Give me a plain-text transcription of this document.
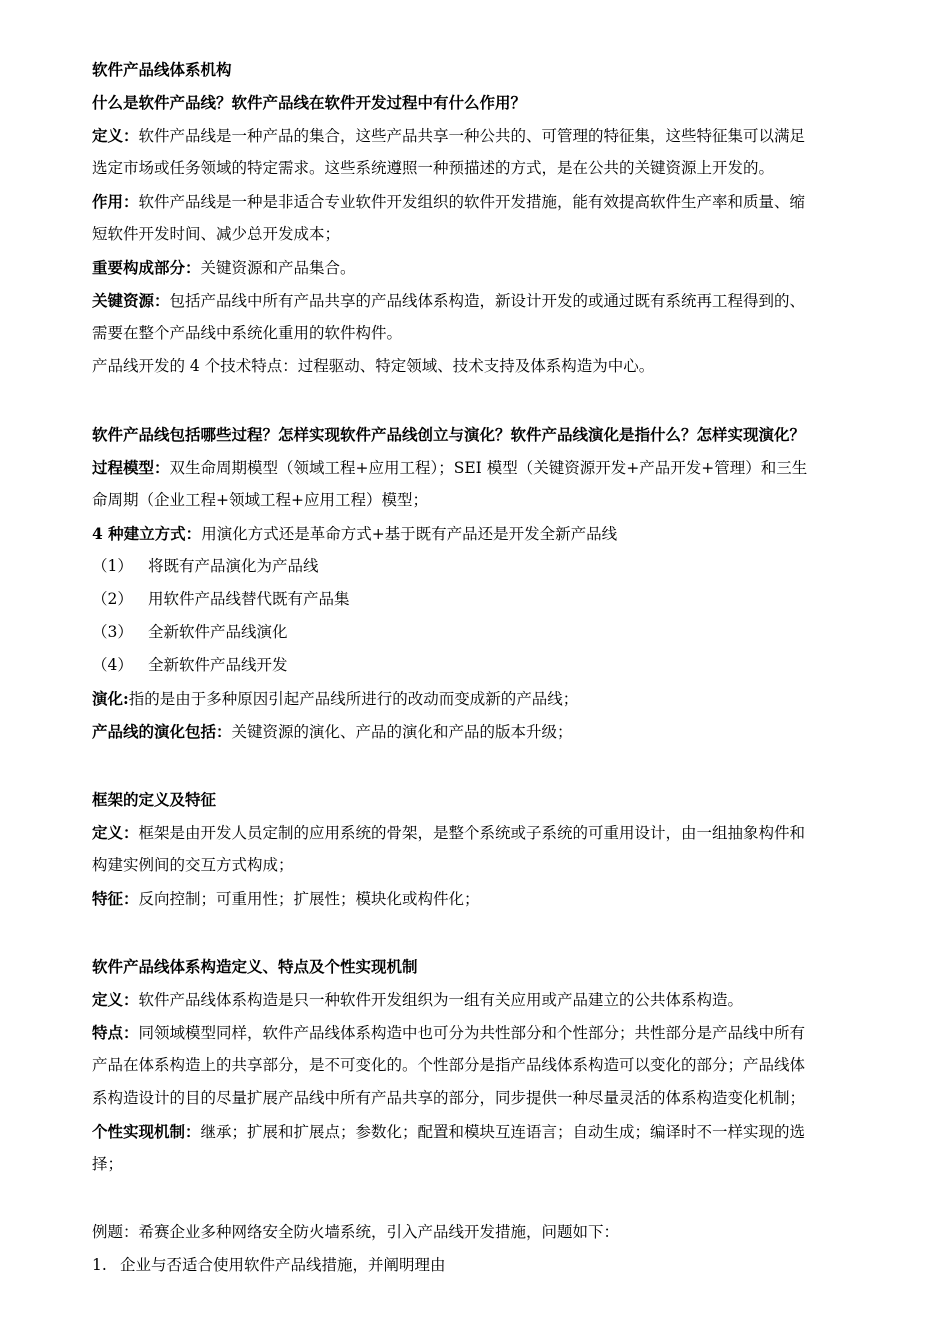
软件产品线体系机构
什么是软件产品线？软件产品线在软件开发过程中有什么作用？
定义：软件产品线是一种产品的集合，这些产品共享一种公共的、可管理的特征集，这些特征集可以满足
选定市场或任务领域的特定需求。这些系统遵照一种预描述的方式，是在公共的关键资源上开发的。
作用：软件产品线是一种是非适合专业软件开发组织的软件开发措施，能有效提高软件生产率和质量、缩
短软件开发时间、减少总开发成本；
重要构成部分：关键资源和产品集合。
关键资源：包括产品线中所有产品共享的产品线体系构造，新设计开发的或通过既有系统再工程得到的、
需要在整个产品线中系统化重用的软件构件。
产品线开发的 4 个技术特点：过程驱动、特定领域、技术支持及体系构造为中心。
软件产品线包括哪些过程？怎样实现软件产品线创立与演化？软件产品线演化是指什么？怎样实现演化？
过程模型：双生命周期模型（领域工程+应用工程）；SEI 模型（关键资源开发+产品开发+管理）和三生
命周期（企业工程+领域工程+应用工程）模型；
4 种建立方式：用演化方式还是革命方式+基于既有产品还是开发全新产品线
（1） 将既有产品演化为产品线
（2） 用软件产品线替代既有产品集
（3） 全新软件产品线演化
（4） 全新软件产品线开发
演化:指的是由于多种原因引起产品线所进行的改动而变成新的产品线；
产品线的演化包括：关键资源的演化、产品的演化和产品的版本升级；
框架的定义及特征
定义：框架是由开发人员定制的应用系统的骨架，是整个系统或子系统的可重用设计，由一组抽象构件和
构建实例间的交互方式构成；
特征：反向控制；可重用性；扩展性；模块化或构件化；
软件产品线体系构造定义、特点及个性实现机制
定义：软件产品线体系构造是只一种软件开发组织为一组有关应用或产品建立的公共体系构造。
特点：同领域模型同样，软件产品线体系构造中也可分为共性部分和个性部分；共性部分是产品线中所有
产品在体系构造上的共享部分，是不可变化的。个性部分是指产品线体系构造可以变化的部分；产品线体
系构造设计的目的尽量扩展产品线中所有产品共享的部分，同步提供一种尽量灵活的体系构造变化机制；
个性实现机制：继承；扩展和扩展点；参数化；配置和模块互连语言；自动生成；编译时不一样实现的选
择；
例题：希赛企业多种网络安全防火墙系统，引入产品线开发措施，问题如下：
1. 企业与否适合使用软件产品线措施，并阐明理由
